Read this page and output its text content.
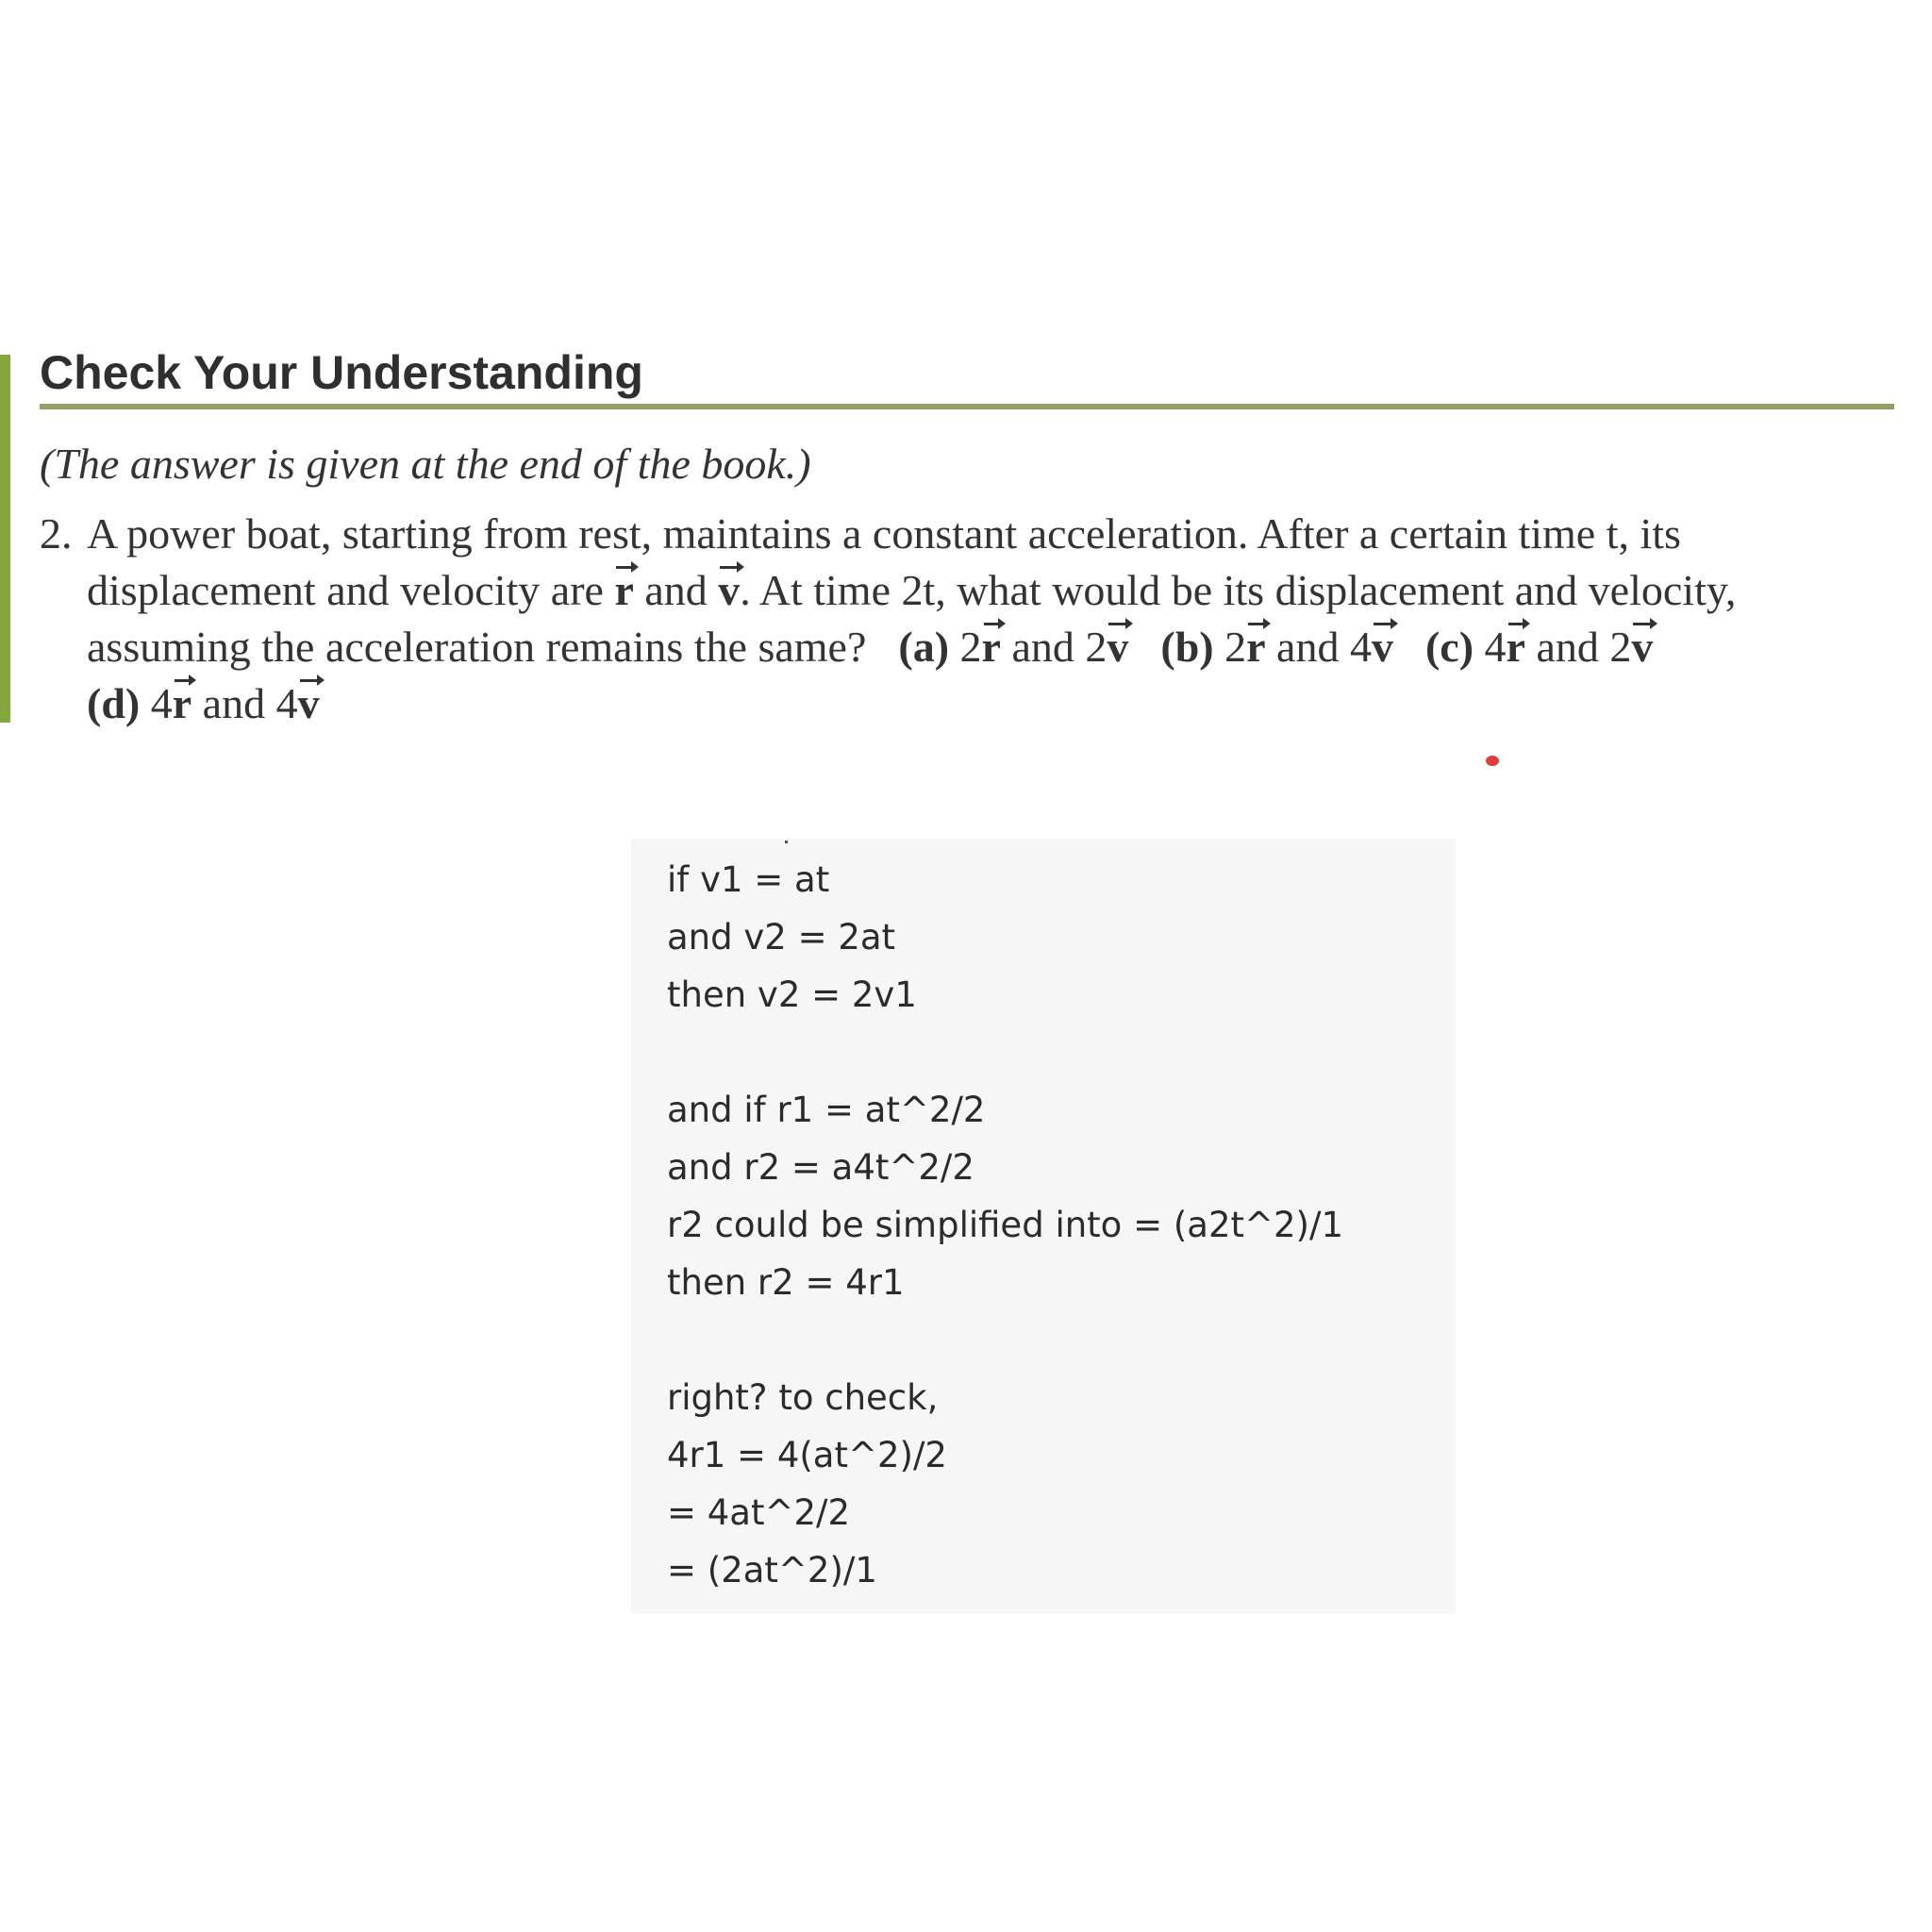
Check Your Understanding
(The answer is given at the end of the book.)
2. A power boat, starting from rest, maintains a constant acceleration. After a certain time t, its
displacement and velocity are r and v. At time 2t, what would be its displacement and velocity,
assuming the acceleration remains the same? (a) 2r and 2v (b) 2r and 4v (c) 4r and 2v
(d) 4r and 4v
if v1 = at
and v2 = 2at
then v2 = 2v1
and if r1 = at^2/2
and r2 = a4t^2/2
r2 could be simplified into = (a2t^2)/1
then r2 = 4r1
right? to check,
4r1 = 4(at^2)/2
= 4at^2/2
= (2at^2)/1
